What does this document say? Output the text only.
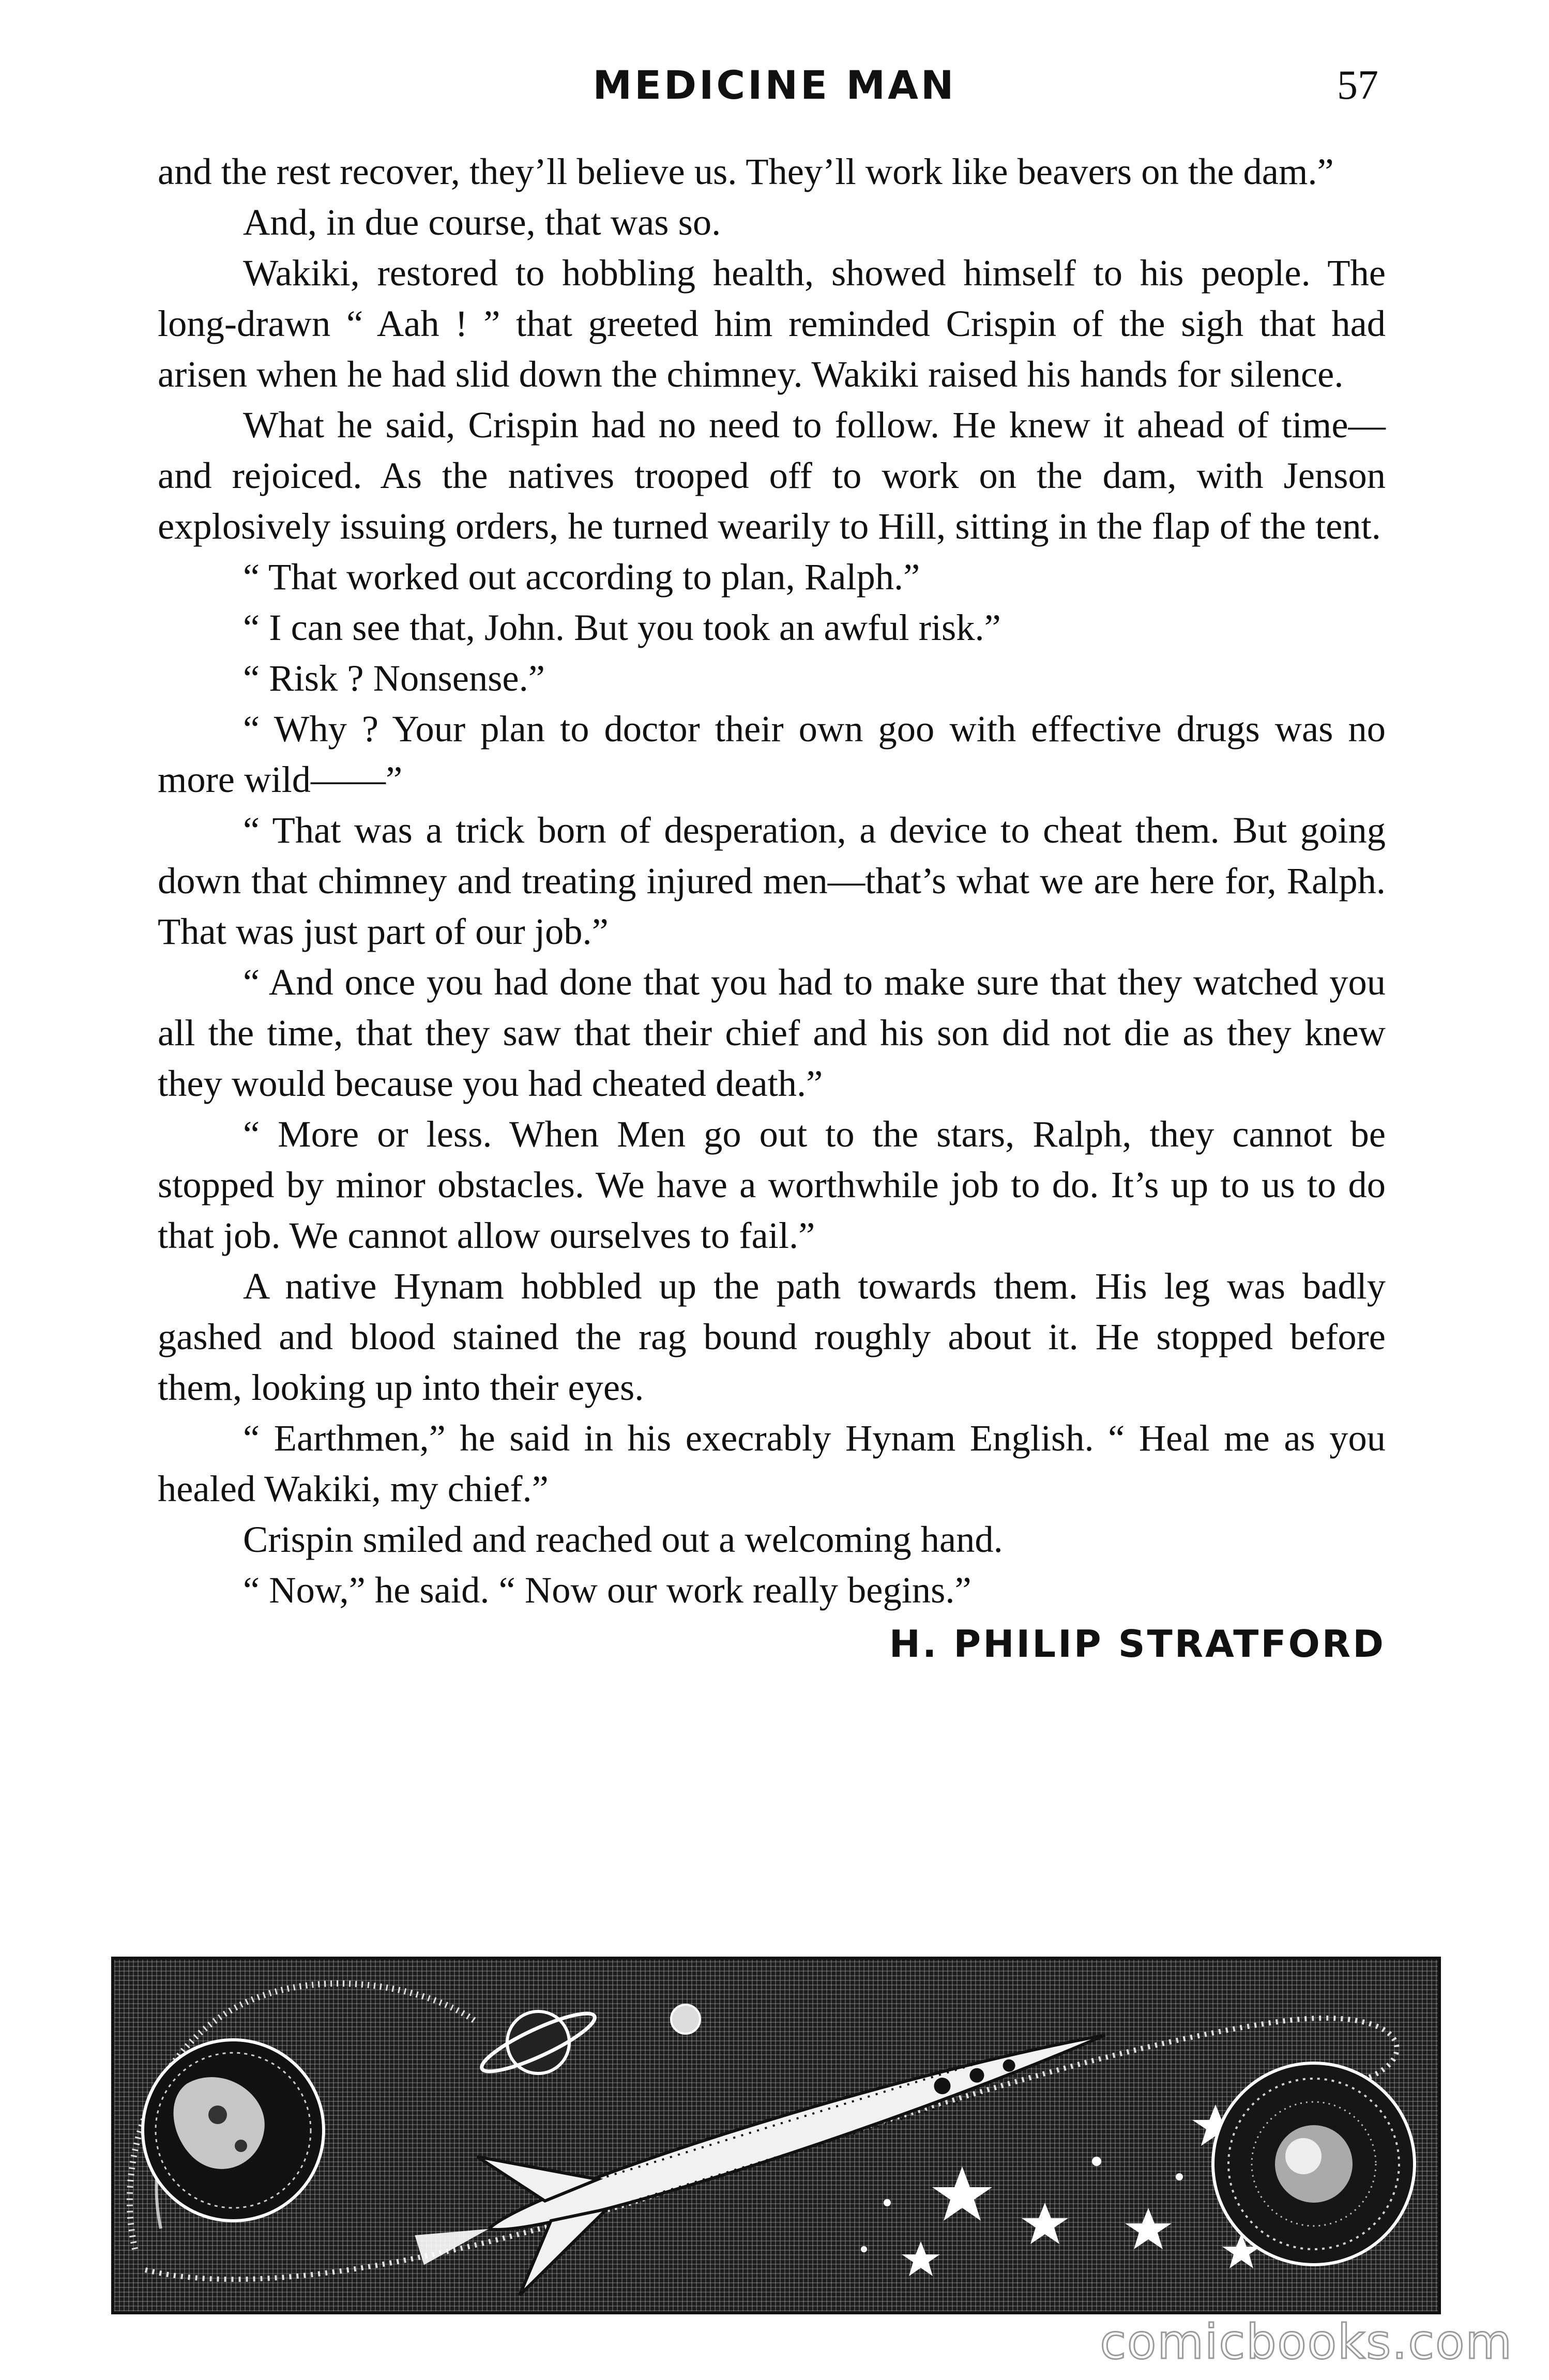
MEDICINE MAN	57

and the rest recover, they’ll believe us. They’ll work like beavers on the dam.”

And, in due course, that was so.

Wakiki, restored to hobbling health, showed himself to his people. The long-drawn “ Aah ! ” that greeted him reminded Crispin of the sigh that had arisen when he had slid down the chimney. Wakiki raised his hands for silence.

What he said, Crispin had no need to follow. He knew it ahead of time—and rejoiced. As the natives trooped off to work on the dam, with Jenson explosively issuing orders, he turned wearily to Hill, sitting in the flap of the tent.

“ That worked out according to plan, Ralph.”

“ I can see that, John. But you took an awful risk.”

“ Risk ? Nonsense.”

“ Why ? Your plan to doctor their own goo with effective drugs was no more wild——”

“ That was a trick born of desperation, a device to cheat them. But going down that chimney and treating injured men—that’s what we are here for, Ralph. That was just part of our job.”

“ And once you had done that you had to make sure that they watched you all the time, that they saw that their chief and his son did not die as they knew they would because you had cheated death.”

“ More or less. When Men go out to the stars, Ralph, they cannot be stopped by minor obstacles. We have a worthwhile job to do. It’s up to us to do that job. We cannot allow ourselves to fail.”

A native Hynam hobbled up the path towards them. His leg was badly gashed and blood stained the rag bound roughly about it. He stopped before them, looking up into their eyes.

“ Earthmen,” he said in his execrably Hynam English. “ Heal me as you healed Wakiki, my chief.”

Crispin smiled and reached out a welcoming hand.

“ Now,” he said. “ Now our work really begins.”

H. PHILIP STRATFORD
comicbooks.com
